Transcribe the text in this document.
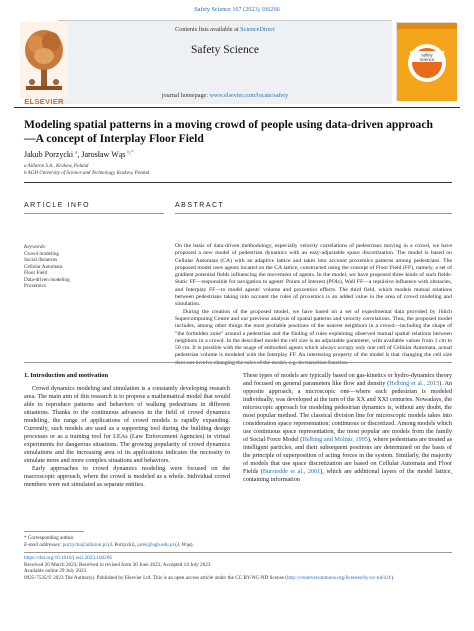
Safety Science 167 (2023) 106266
ELSEVIER
Contents lists available at ScienceDirect
Safety Science
journal homepage: www.elsevier.com/locate/safety
safety
science
Modeling spatial patterns in a moving crowd of people using data-driven approach—A concept of Interplay Floor Field
Jakub Porzycki $^a$, Jarosław Wąs $^{b,*}$
a Aillaron S.A., Krakow, Poland
b AGH University of Science and Technology, Krakow, Poland
ARTICLE INFO	ABSTRACT
Keywords:
Crowd modeling
Social distances
Cellular Automata
Floor Field
Data-driven modeling
Proxemics

On the basis of data-driven methodology, especially velocity correlations of pedestrians moving in a crowd, we have proposed a new model of pedestrian dynamics with an easy-adjustable space discretization. The model is based on Cellular Automata (CA) with an adaptive lattice and takes into account proxemics patterns among pedestrians. The proposed model uses agents located on the CA lattice, constructed using the concept of Floor Field (FF), namely, a set of gradient potential fields influencing the movement of agents. In the model, we have proposed three kinds of such fields: Static FF—responsible for navigation to agents' Points of Interest (POIs), Wall FF—a repulsive influence with obstacles, and Interplay FF—to model agents' volume and proxemics effects. The third field, which models mutual relations between pedestrians taking into account the rules of proxemics is an added value in the area of crowd modeling and simulation.

During the creation of the proposed model, we have based on a set of experimental data provided by Jülich Supercomputing Centre and our previous analysis of spatial patterns and velocity correlations. Thus, the proposed model includes, among other things the most probable positions of the nearest neighbors in a crowd—including the shape of "the forbidden zone" around a pedestrian and the finding of rules explaining observed mutual spatial relations between neighbors in a crowd. In the described model the cell size is an adjustable parameter, with available values from 1 cm to 50 cm. It is possible with the usage of embodied agents which always occupy only one cell of Cellular Automata, actual pedestrian volume is modeled with the Interplay FF. An interesting property of the model is that changing the cell size does not involve changing the rules of the model, e.g. its transition function.

1. Introduction and motivation

Crowd dynamics modeling and simulation is a constantly developing research area. The main aim of this research is to propose a mathematical model that would able to reproduce patterns and behaviors of walking pedestrians in different situations. Thanks to the continuous advances in the field of crowd dynamics modeling, the range of applications of crowd models is rapidly expanding. Currently, such models are used as a supporting tool during the building design processes or as a training tool for LEAs (Law Enforcement Agencies) in virtual experiments for dangerous situations. The growing popularity of crowd dynamics simulations and the increasing area of its applications indicates the necessity to simulate more and more complex situations and behaviors.

Early approaches to crowd dynamics modeling were focused on the macroscopic approach, where the crowd is modeled as a whole. Individual crowd members were not simulated as separate entities.

These types of models are typically based on gas-kinetics or hydro-dynamics theory and focused on general parameters like flow and density (Helbing et al., 2015). An opposite approach, a microscopic one—where each pedestrian is modeled individually, was developed at the turn of the XX and XXI centuries. Nowadays, the microscopic approach for modeling pedestrian dynamics is, without any doubt, the most popular method. The classical division line for microscopic models takes into consideration space representation: continuous or discretized. Among models which use continuous space representation, the most popular are models from the family of Social Force Model (Helbing and Molnár, 1995), where pedestrians are treated as intelligent particles, and their subsequent positions are determined on the basis of the principle of superposition of acting forces in the system. Similarly, the majority of models that use space discretization are based on Cellular Automata and Floor Fields (Burstedde et al., 2001), which are additional layers of the model lattice, containing information

* Corresponding author.
E-mail addresses: porzycki@aillaron.pl (J. Porzycki), jarek@agh.edu.pl (J. Wąs).
https://doi.org/10.1016/j.ssci.2023.106266
Received 20 March 2023; Received in revised form 30 June 2023; Accepted 14 July 2023
Available online 29 July 2023
0925-7535/© 2023 The Author(s). Published by Elsevier Ltd. This is an open access article under the CC BY-NC-ND license (http://creativecommons.org/licenses/by-nc-nd/4.0/).
